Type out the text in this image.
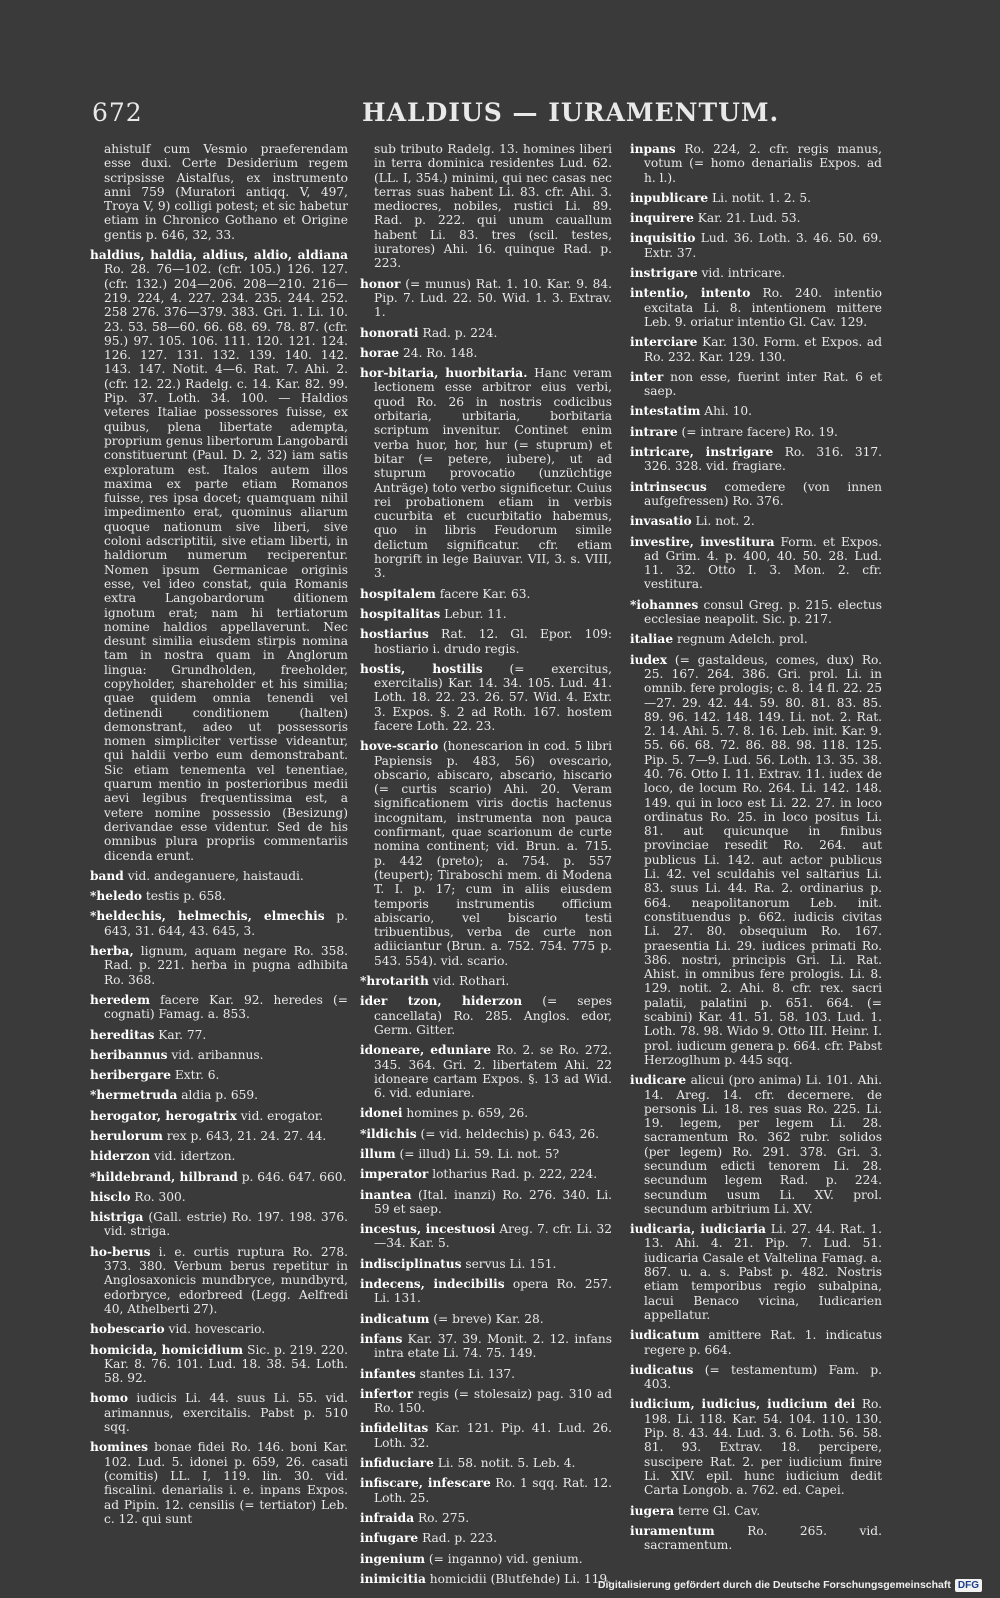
672	HALDIUS — IURAMENTUM.
ahistulf cum Vesmio praeferendam esse duxi. Certe Desiderium regem scripsisse Aistalfus, ex instrumento anni 759 (Muratori antiqq. V, 497, Troya V, 9) colligi potest; et sic habetur etiam in Chronico Gothano et Origine gentis p. 646, 32, 33.
haldius, haldia, aldius, aldio, aldiana Ro. 28. 76—102. (cfr. 105.) 126. 127. (cfr. 132.) 204—206. 208—210. 216—219. 224, 4. 227. 234. 235. 244. 252. 258 276. 376—379. 383. Gri. 1. Li. 10. 23. 53. 58—60. 66. 68. 69. 78. 87. (cfr. 95.) 97. 105. 106. 111. 120. 121. 124. 126. 127. 131. 132. 139. 140. 142. 143. 147. Notit. 4—6. Rat. 7. Ahi. 2. (cfr. 12. 22.) Radelg. c. 14. Kar. 82. 99. Pip. 37. Loth. 34. 100. — Haldios veteres Italiae possessores fuisse, ex quibus, plena libertate adempta, proprium genus libertorum Langobardi constituerunt (Paul. D. 2, 32) iam satis exploratum est. Italos autem illos maxima ex parte etiam Romanos fuisse, res ipsa docet; quamquam nihil impedimento erat, quominus aliarum quoque nationum sive liberi, sive coloni adscriptitii, sive etiam liberti, in haldiorum numerum reciperentur. Nomen ipsum Germanicae originis esse, vel ideo constat, quia Romanis extra Langobardorum ditionem ignotum erat; nam hi tertiatorum nomine haldios appellaverunt. Nec desunt similia eiusdem stirpis nomina tam in nostra quam in Anglorum lingua: Grundholden, freeholder, copyholder, shareholder et his similia; quae quidem omnia tenendi vel detinendi conditionem (halten) demonstrant, adeo ut possessoris nomen simpliciter vertisse videantur, qui haldii verbo eum demonstrabant. Sic etiam tenementa vel tenentiae, quarum mentio in posterioribus medii aevi legibus frequentissima est, a vetere nomine possessio (Besizung) derivandae esse videntur. Sed de his omnibus plura propriis commentariis dicenda erunt.
band vid. andeganuere, haistaudi.
*heledo testis p. 658.
*heldechis, helmechis, elmechis p. 643, 31. 644, 43. 645, 3.
herba, lignum, aquam negare Ro. 358. Rad. p. 221. herba in pugna adhibita Ro. 368.
heredem facere Kar. 92. heredes (= cognati) Famag. a. 853.
hereditas Kar. 77.
heribannus vid. aribannus.
heribergare Extr. 6.
*hermetruda aldia p. 659.
herogator, herogatrix vid. erogator.
herulorum rex p. 643, 21. 24. 27. 44.
hiderzon vid. idertzon.
*hildebrand, hilbrand p. 646. 647. 660.
hisclo Ro. 300.
histriga (Gall. estrie) Ro. 197. 198. 376. vid. striga.
ho-berus i. e. curtis ruptura Ro. 278. 373. 380. Verbum berus repetitur in Anglosaxonicis mundbryce, mundbyrd, edorbryce, edorbreed (Legg. Aelfredi 40, Athelberti 27).
hobescario vid. hovescario.
homicida, homicidium Sic. p. 219. 220. Kar. 8. 76. 101. Lud. 18. 38. 54. Loth. 58. 92.
homo iudicis Li. 44. suus Li. 55. vid. arimannus, exercitalis. Pabst p. 510 sqq.
homines bonae fidei Ro. 146. boni Kar. 102. Lud. 5. idonei p. 659, 26. casati (comitis) LL. I, 119. lin. 30. vid. fiscalini. denarialis i. e. inpans Expos. ad Pipin. 12. censilis (= tertiator) Leb. c. 12. qui sunt
sub tributo Radelg. 13. homines liberi in terra dominica residentes Lud. 62. (LL. I, 354.) minimi, qui nec casas nec terras suas habent Li. 83. cfr. Ahi. 3. mediocres, nobiles, rustici Li. 89. Rad. p. 222. qui unum cauallum habent Li. 83. tres (scil. testes, iuratores) Ahi. 16. quinque Rad. p. 223.
honor (= munus) Rat. 1. 10. Kar. 9. 84. Pip. 7. Lud. 22. 50. Wid. 1. 3. Extrav. 1.
honorati Rad. p. 224.
horae 24. Ro. 148.
hor-bitaria, huorbitaria. Hanc veram lectionem esse arbitror eius verbi, quod Ro. 26 in nostris codicibus orbitaria, urbitaria, borbitaria scriptum invenitur. Continet enim verba huor, hor, hur (= stuprum) et bitar (= petere, iubere), ut ad stuprum provocatio (unzüchtige Anträge) toto verbo significetur. Cuius rei probationem etiam in verbis cucurbita et cucurbitatio habemus, quo in libris Feudorum simile delictum significatur. cfr. etiam horgrift in lege Baiuvar. VII, 3. s. VIII, 3.
hospitalem facere Kar. 63.
hospitalitas Lebur. 11.
hostiarius Rat. 12. Gl. Epor. 109: hostiario i. drudo regis.
hostis, hostilis (= exercitus, exercitalis) Kar. 14. 34. 105. Lud. 41. Loth. 18. 22. 23. 26. 57. Wid. 4. Extr. 3. Expos. §. 2 ad Roth. 167. hostem facere Loth. 22. 23.
hove-scario (honescarion in cod. 5 libri Papiensis p. 483, 56) ovescario, obscario, abiscaro, abscario, hiscario (= curtis scario) Ahi. 20. Veram significationem viris doctis hactenus incognitam, instrumenta non pauca confirmant, quae scarionum de curte nomina continent; vid. Brun. a. 715. p. 442 (preto); a. 754. p. 557 (teupert); Tiraboschi mem. di Modena T. I. p. 17; cum in aliis eiusdem temporis instrumentis officium abiscario, vel biscario testi tribuentibus, verba de curte non adiiciantur (Brun. a. 752. 754. 775 p. 543. 554). vid. scario.
*hrotarith vid. Rothari.
ider tzon, hiderzon (= sepes cancellata) Ro. 285. Anglos. edor, Germ. Gitter.
idoneare, eduniare Ro. 2. se Ro. 272. 345. 364. Gri. 2. libertatem Ahi. 22 idoneare cartam Expos. §. 13 ad Wid. 6. vid. eduniare.
idonei homines p. 659, 26.
*ildichis (= vid. heldechis) p. 643, 26.
illum (= illud) Li. 59. Li. not. 5?
imperator lotharius Rad. p. 222, 224.
inantea (Ital. inanzi) Ro. 276. 340. Li. 59 et saep.
incestus, incestuosi Areg. 7. cfr. Li. 32—34. Kar. 5.
indisciplinatus servus Li. 151.
indecens, indecibilis opera Ro. 257. Li. 131.
indicatum (= breve) Kar. 28.
infans Kar. 37. 39. Monit. 2. 12. infans intra etate Li. 74. 75. 149.
infantes stantes Li. 137.
infertor regis (= stolesaiz) pag. 310 ad Ro. 150.
infidelitas Kar. 121. Pip. 41. Lud. 26. Loth. 32.
infiduciare Li. 58. notit. 5. Leb. 4.
infiscare, infescare Ro. 1 sqq. Rat. 12. Loth. 25.
infraida Ro. 275.
infugare Rad. p. 223.
ingenium (= inganno) vid. genium.
inimicitia homicidii (Blutfehde) Li. 119.
inpans Ro. 224, 2. cfr. regis manus, votum (= homo denarialis Expos. ad h. l.).
inpublicare Li. notit. 1. 2. 5.
inquirere Kar. 21. Lud. 53.
inquisitio Lud. 36. Loth. 3. 46. 50. 69. Extr. 37.
instrigare vid. intricare.
intentio, intento Ro. 240. intentio excitata Li. 8. intentionem mittere Leb. 9. oriatur intentio Gl. Cav. 129.
interciare Kar. 130. Form. et Expos. ad Ro. 232. Kar. 129. 130.
inter non esse, fuerint inter Rat. 6 et saep.
intestatim Ahi. 10.
intrare (= intrare facere) Ro. 19.
intricare, instrigare Ro. 316. 317. 326. 328. vid. fragiare.
intrinsecus comedere (von innen aufgefressen) Ro. 376.
invasatio Li. not. 2.
investire, investitura Form. et Expos. ad Grim. 4. p. 400, 40. 50. 28. Lud. 11. 32. Otto I. 3. Mon. 2. cfr. vestitura.
*iohannes consul Greg. p. 215. electus ecclesiae neapolit. Sic. p. 217.
italiae regnum Adelch. prol.
iudex (= gastaldeus, comes, dux) Ro. 25. 167. 264. 386. Gri. prol. Li. in omnib. fere prologis; c. 8. 14 fl. 22. 25—27. 29. 42. 44. 59. 80. 81. 83. 85. 89. 96. 142. 148. 149. Li. not. 2. Rat. 2. 14. Ahi. 5. 7. 8. 16. Leb. init. Kar. 9. 55. 66. 68. 72. 86. 88. 98. 118. 125. Pip. 5. 7—9. Lud. 56. Loth. 13. 35. 38. 40. 76. Otto I. 11. Extrav. 11. iudex de loco, de locum Ro. 264. Li. 142. 148. 149. qui in loco est Li. 22. 27. in loco ordinatus Ro. 25. in loco positus Li. 81. aut quicunque in finibus provinciae resedit Ro. 264. aut publicus Li. 142. aut actor publicus Li. 42. vel sculdahis vel saltarius Li. 83. suus Li. 44. Ra. 2. ordinarius p. 664. neapolitanorum Leb. init. constituendus p. 662. iudicis civitas Li. 27. 80. obsequium Ro. 167. praesentia Li. 29. iudices primati Ro. 386. nostri, principis Gri. Li. Rat. Ahist. in omnibus fere prologis. Li. 8. 129. notit. 2. Ahi. 8. cfr. rex. sacri palatii, palatini p. 651. 664. (= scabini) Kar. 41. 51. 58. 103. Lud. 1. Loth. 78. 98. Wido 9. Otto III. Heinr. I. prol. iudicum genera p. 664. cfr. Pabst Herzoglhum p. 445 sqq.
iudicare alicui (pro anima) Li. 101. Ahi. 14. Areg. 14. cfr. decernere. de personis Li. 18. res suas Ro. 225. Li. 19. legem, per legem Li. 28. sacramentum Ro. 362 rubr. solidos (per legem) Ro. 291. 378. Gri. 3. secundum edicti tenorem Li. 28. secundum legem Rad. p. 224. secundum usum Li. XV. prol. secundum arbitrium Li. XV.
iudicaria, iudiciaria Li. 27. 44. Rat. 1. 13. Ahi. 4. 21. Pip. 7. Lud. 51. iudicaria Casale et Valtelina Famag. a. 867. u. a. s. Pabst p. 482. Nostris etiam temporibus regio subalpina, lacui Benaco vicina, Iudicarien appellatur.
iudicatum amittere Rat. 1. indicatus regere p. 664.
iudicatus (= testamentum) Fam. p. 403.
iudicium, iudicius, iudicium dei Ro. 198. Li. 118. Kar. 54. 104. 110. 130. Pip. 8. 43. 44. Lud. 3. 6. Loth. 56. 58. 81. 93. Extrav. 18. percipere, suscipere Rat. 2. per iudicium finire Li. XIV. epil. hunc iudicium dedit Carta Longob. a. 762. ed. Capei.
iugera terre Gl. Cav.
iuramentum	Ro. 265. vid. sacramentum.
Digitalisierung gefördert durch die Deutsche Forschungsgemeinschaft DFG
